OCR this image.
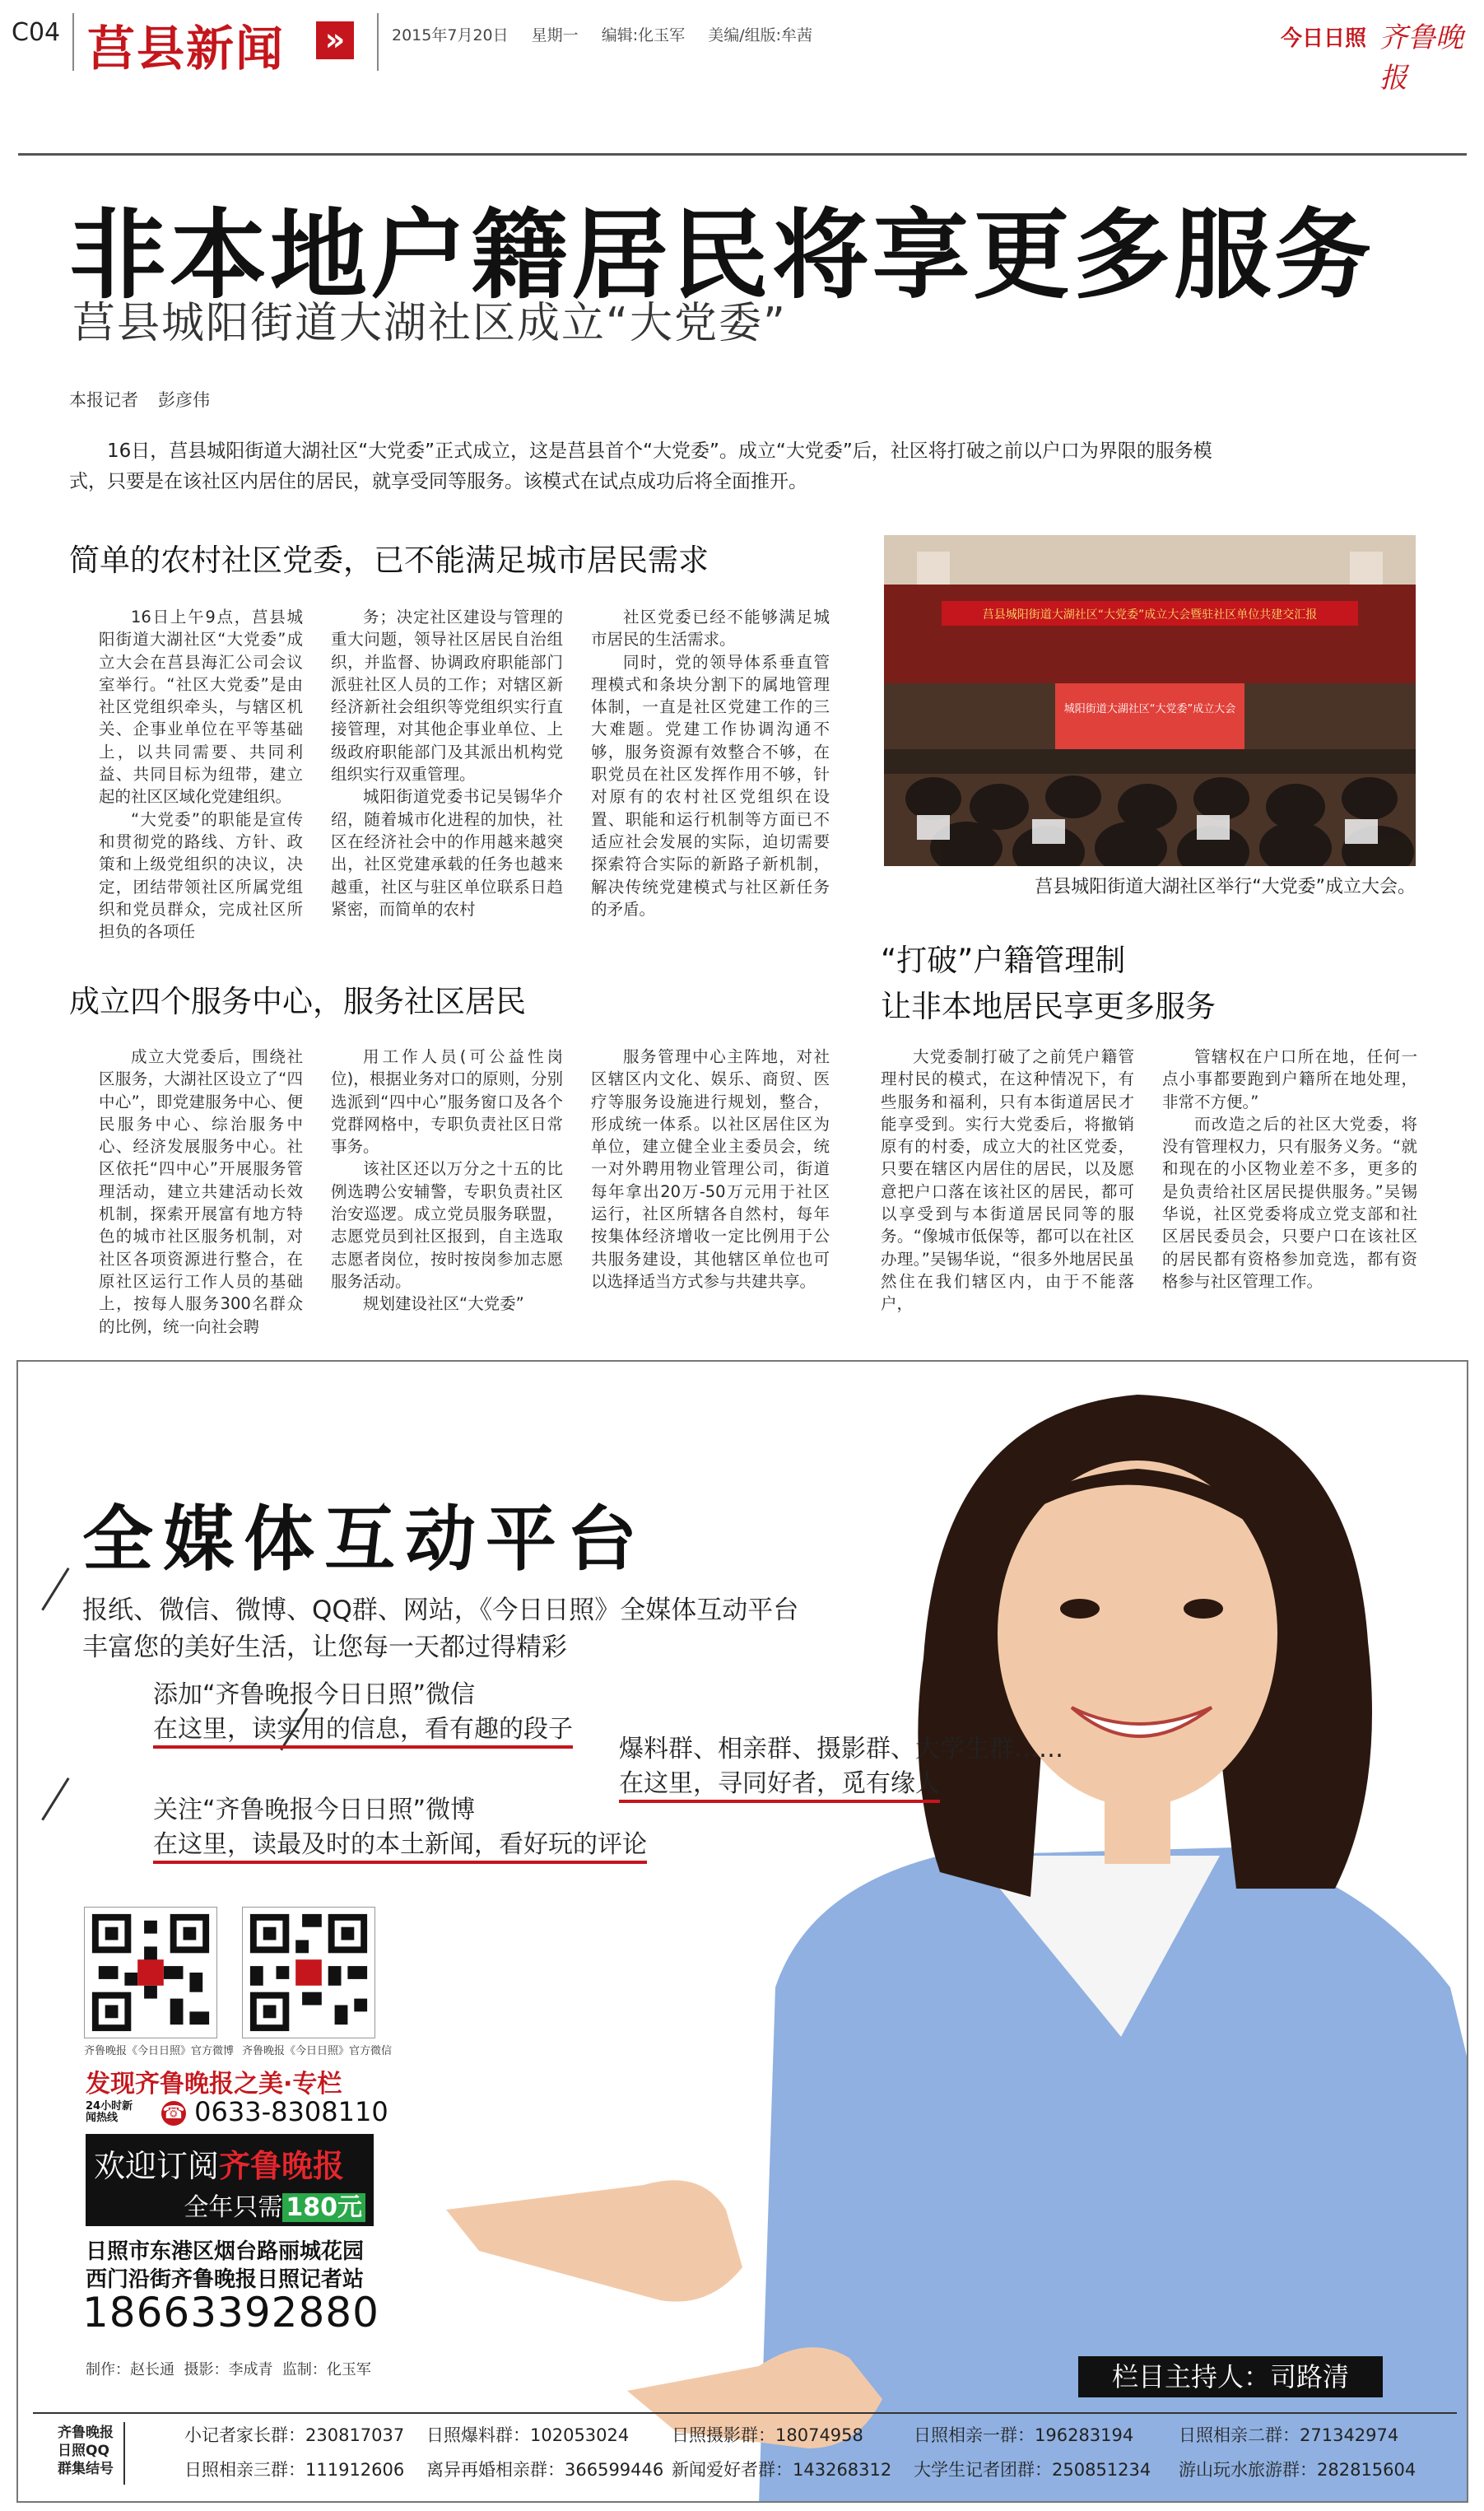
C04 莒县新闻 »	2015年7月20日 星期一 编辑:化玉军 美编/组版:牟茜	今日日照 齐鲁晚报
非本地户籍居民将享更多服务
莒县城阳街道大湖社区成立“大党委”
本报记者 彭彦伟
16日，莒县城阳街道大湖社区“大党委”正式成立，这是莒县首个“大党委”。成立“大党委”后，社区将打破之前以户口为界限的服务模式，只要是在该社区内居住的居民，就享受同等服务。该模式在试点成功后将全面推开。
简单的农村社区党委，已不能满足城市居民需求

16日上午9点，莒县城阳街道大湖社区“大党委”成立大会在莒县海汇公司会议室举行。“社区大党委”是由社区党组织牵头，与辖区机关、企事业单位在平等基础上，以共同需要、共同利益、共同目标为纽带，建立起的社区区域化党建组织。

“大党委”的职能是宣传和贯彻党的路线、方针、政策和上级党组织的决议，决定，团结带领社区所属党组织和党员群众，完成社区所担负的各项任

务；决定社区建设与管理的重大问题，领导社区居民自治组织，并监督、协调政府职能部门派驻社区人员的工作；对辖区新经济新社会组织等党组织实行直接管理，对其他企事业单位、上级政府职能部门及其派出机构党组织实行双重管理。

城阳街道党委书记吴锡华介绍，随着城市化进程的加快，社区在经济社会中的作用越来越突出，社区党建承载的任务也越来越重，社区与驻区单位联系日趋紧密，而简单的农村

社区党委已经不能够满足城市居民的生活需求。

同时，党的领导体系垂直管理模式和条块分割下的属地管理体制，一直是社区党建工作的三大难题。党建工作协调沟通不够，服务资源有效整合不够，在职党员在社区发挥作用不够，针对原有的农村社区党组织在设置、职能和运行机制等方面已不适应社会发展的实际，迫切需要探索符合实际的新路子新机制，解决传统党建模式与社区新任务的矛盾。

莒县城阳街道大湖社区“大党委”成立大会暨驻社区单位共建交汇报
城阳街道大湖社区“大党委”成立大会
莒县城阳街道大湖社区举行“大党委”成立大会。
成立四个服务中心，服务社区居民

成立大党委后，围绕社区服务，大湖社区设立了“四中心”，即党建服务中心、便民服务中心、综治服务中心、经济发展服务中心。社区依托“四中心”开展服务管理活动，建立共建活动长效机制，探索开展富有地方特色的城市社区服务机制，对社区各项资源进行整合，在原社区运行工作人员的基础上，按每人服务300名群众的比例，统一向社会聘

用工作人员(可公益性岗位)，根据业务对口的原则，分别选派到“四中心”服务窗口及各个党群网格中，专职负责社区日常事务。

该社区还以万分之十五的比例选聘公安辅警，专职负责社区治安巡逻。成立党员服务联盟，志愿党员到社区报到，自主选取志愿者岗位，按时按岗参加志愿服务活动。

规划建设社区“大党委”

服务管理中心主阵地，对社区辖区内文化、娱乐、商贸、医疗等服务设施进行规划，整合，形成统一体系。以社区居住区为单位，建立健全业主委员会，统一对外聘用物业管理公司，街道每年拿出20万-50万元用于社区运行，社区所辖各自然村，每年按集体经济增收一定比例用于公共服务建设，其他辖区单位也可以选择适当方式参与共建共享。

“打破”户籍管理制
让非本地居民享更多服务

大党委制打破了之前凭户籍管理村民的模式，在这种情况下，有些服务和福利，只有本街道居民才能享受到。实行大党委后，将撤销原有的村委，成立大的社区党委，只要在辖区内居住的居民，以及愿意把户口落在该社区的居民，都可以享受到与本街道居民同等的服务。“像城市低保等，都可以在社区办理。”吴锡华说，“很多外地居民虽然住在我们辖区内，由于不能落户，

管辖权在户口所在地，任何一点小事都要跑到户籍所在地处理，非常不方便。”

而改造之后的社区大党委，将没有管理权力，只有服务义务。“就和现在的小区物业差不多，更多的是负责给社区居民提供服务。”吴锡华说，社区党委将成立党支部和社区居民委员会，只要户口在该社区的居民都有资格参加竞选，都有资格参与社区管理工作。

全媒体互动平台
报纸、微信、微博、QQ群、网站，《今日日照》全媒体互动平台
丰富您的美好生活，让您每一天都过得精彩
添加“齐鲁晚报今日日照”微信
在这里，读实用的信息，看有趣的段子
关注“齐鲁晚报今日日照”微博
在这里，读最及时的本土新闻，看好玩的评论
爆料群、相亲群、摄影群、大学生群……
在这里，寻同好者，觅有缘人
齐鲁晚报《今日日照》官方微博 齐鲁晚报《今日日照》官方微信
发现齐鲁晚报之美·专栏
24小时新闻热线	☎ 0633-8308110
欢迎订阅齐鲁晚报
全年只需 180元
日照市东港区烟台路丽城花园
西门沿街齐鲁晚报日照记者站
18663392880
制作：赵长通  摄影：李成青  监制：化玉军	栏目主持人：司路清
齐鲁晚报日照QQ群集结号
小记者家长群：230817037 日照爆料群：102053024 日照摄影群：18074958	日照相亲一群：196283194	日照相亲二群：271342974
日照相亲三群：111912606 离异再婚相亲群：366599446 新闻爱好者群：143268312 大学生记者团群：250851234 游山玩水旅游群：282815604
